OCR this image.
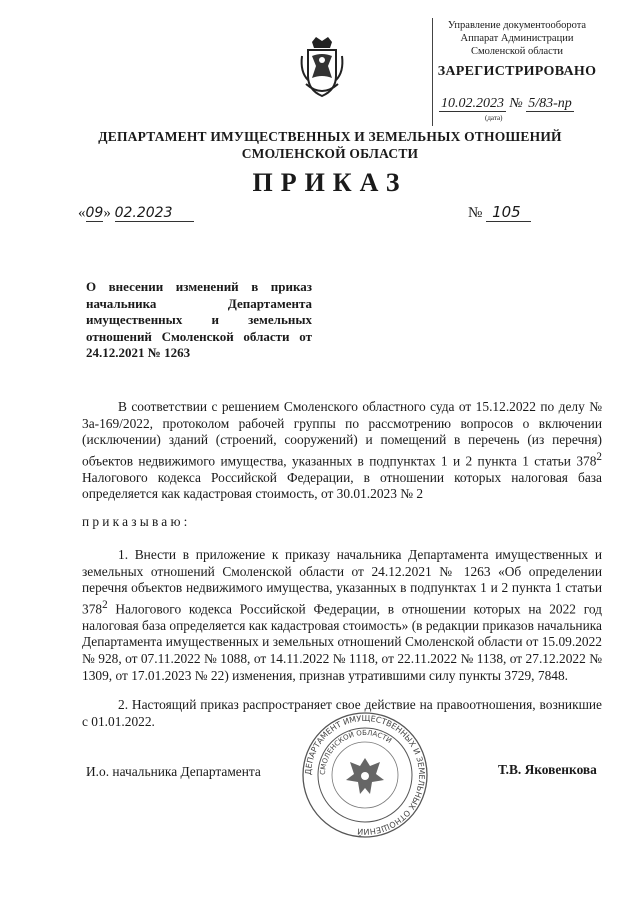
Управление документооборота
Аппарат Администрации
Смоленской области
ЗАРЕГИСТРИРОВАНО
10.02.2023 № 5/83-пр
(дата)
ДЕПАРТАМЕНТ ИМУЩЕСТВЕННЫХ И ЗЕМЕЛЬНЫХ ОТНОШЕНИЙ
СМОЛЕНСКОЙ ОБЛАСТИ
ПРИКАЗ
«09» 02.2023	№ 105
О внесении изменений в приказ начальника Департамента имущественных и земельных отношений Смоленской области от 24.12.2021 № 1263
В соответствии с решением Смоленского областного суда от 15.12.2022 по делу № 3а-169/2022, протоколом рабочей группы по рассмотрению вопросов о включении (исключении) зданий (строений, сооружений) и помещений в перечень (из перечня) объектов недвижимого имущества, указанных в подпунктах 1 и 2 пункта 1 статьи $378^2$ Налогового кодекса Российской Федерации, в отношении которых налоговая база определяется как кадастровая стоимость, от 30.01.2023 № 2
приказываю:
1. Внести в приложение к приказу начальника Департамента имущественных и земельных отношений Смоленской области от 24.12.2021 № 1263 «Об определении перечня объектов недвижимого имущества, указанных в подпунктах 1 и 2 пункта 1 статьи $378^2$ Налогового кодекса Российской Федерации, в отношении которых на 2022 год налоговая база определяется как кадастровая стоимость» (в редакции приказов начальника Департамента имущественных и земельных отношений Смоленской области от 15.09.2022 № 928, от 07.11.2022 № 1088, от 14.11.2022 № 1118, от 22.11.2022 № 1138, от 27.12.2022 № 1309, от 17.01.2023 № 22) изменения, признав утратившими силу пункты 3729, 7848.
2. Настоящий приказ распространяет свое действие на правоотношения, возникшие с 01.01.2022.
ДЕПАРТАМЕНТ ИМУЩЕСТВЕННЫХ И ЗЕМЕЛЬНЫХ ОТНОШЕНИЙ
СМОЛЕНСКОЙ ОБЛАСТИ
И.о. начальника Департамента	Т.В. Яковенкова
